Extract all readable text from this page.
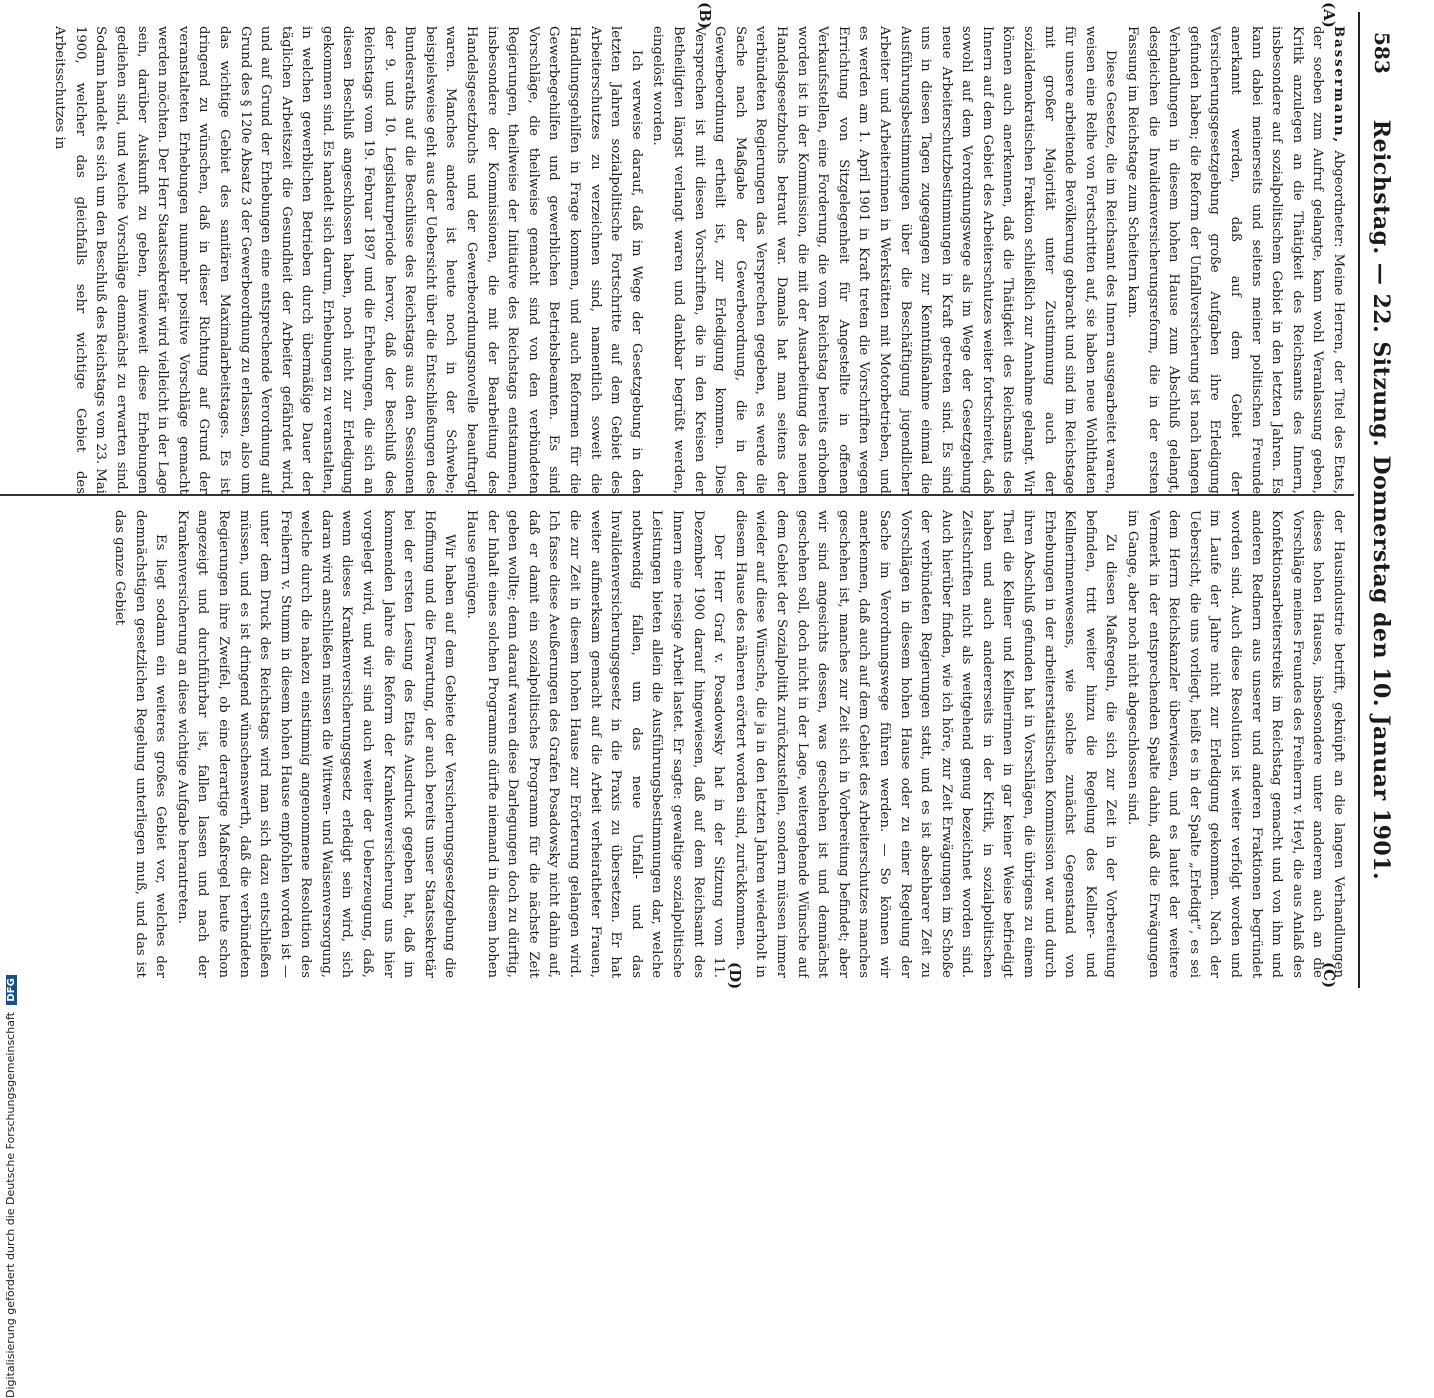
583
Reichstag. — 22. Sitzung. Donnerstag den 10. Januar 1901.
(A)
(B)
(C)
(D)

Bassermann, Abgeordneter: Meine Herren, der Titel des Etats, der soeben zum Aufruf gelangte, kann wohl Veranlassung geben, Kritik anzulegen an die Thätigkeit des Reichsamts des Innern, insbesondere auf sozialpolitischem Gebiet in den letzten Jahren. Es kann dabei meinerseits und seitens meiner politischen Freunde anerkannt werden, daß auf dem Gebiet der Versicherungsgesetzgebung große Aufgaben ihre Erledigung gefunden haben; die Reform der Unfallversicherung ist nach langen Verhandlungen in diesem hohen Hause zum Abschluß gelangt, desgleichen die Invalidenversicherungsreform, die in der ersten Fassung im Reichstage zum Scheitern kam.

Diese Gesetze, die im Reichsamt des Innern ausgearbeitet waren, weisen eine Reihe von Fortschritten auf, sie haben neue Wohlthaten für unsere arbeitende Bevölkerung gebracht und sind im Reichstage mit großer Majorität unter Zustimmung auch der sozialdemokratischen Fraktion schließlich zur Annahme gelangt. Wir können auch anerkennen, daß die Thätigkeit des Reichsamts des Innern auf dem Gebiet des Arbeiterschutzes weiter fortschreitet, daß sowohl auf dem Verordnungswege als im Wege der Gesetzgebung neue Arbeiterschutzbestimmungen in Kraft getreten sind. Es sind uns in diesen Tagen zugegangen zur Kenntnißnahme einmal die Ausführungsbestimmungen über die Beschäftigung jugendlicher Arbeiter und Arbeiterinnen in Werkstätten mit Motorbetrieben, und es werden am 1. April 1901 in Kraft treten die Vorschriften wegen Errichtung von Sitzgelegenheit für Angestellte in offenen Verkaufsstellen, eine Forderung, die vom Reichstag bereits erhoben worden ist in der Kommission, die mit der Ausarbeitung des neuen Handelsgesetzbuchs betraut war. Damals hat man seitens der verbündeten Regierungen das Versprechen gegeben, es werde die Sache nach Maßgabe der Gewerbeordnung, die in der Gewerbeordnung ertheilt ist, zur Erledigung kommen. Dies Versprechen ist mit diesen Vorschriften, die in den Kreisen der Betheiligten längst verlangt waren und dankbar begrüßt werden, eingelöst worden.

Ich verweise darauf, daß im Wege der Gesetzgebung in den letzten Jahren sozialpolitische Fortschritte auf dem Gebiet des Arbeiterschutzes zu verzeichnen sind, namentlich soweit die Handlungsgehilfen in Frage kommen, und auch Reformen für die Gewerbegehilfen und gewerblichen Betriebsbeamten. Es sind Vorschläge, die theilweise gemacht sind von den verbündeten Regierungen, theilweise der Initiative des Reichstags entstammen, insbesondere der Kommissionen, die mit der Bearbeitung des Handelsgesetzbuchs und der Gewerbeordnungsnovelle beauftragt waren. Manches andere ist heute noch in der Schwebe; beispielsweise geht aus der Uebersicht über die Entschließungen des Bundesraths auf die Beschlüsse des Reichstags aus den Sessionen der 9. und 10. Legislaturperiode hervor, daß der Beschluß des Reichstags vom 19. Februar 1897 und die Erhebungen, die sich an diesen Beschluß angeschlossen haben, noch nicht zur Erledigung gekommen sind. Es handelt sich darum, Erhebungen zu veranstalten, in welchen gewerblichen Betrieben durch übermäßige Dauer der täglichen Arbeitszeit die Gesundheit der Arbeiter gefährdet wird, und auf Grund der Erhebungen eine entsprechende Verordnung auf Grund des § 120e Absatz 3 der Gewerbeordnung zu erlassen, also um das wichtige Gebiet des sanitären Maximalarbeitstages. Es ist dringend zu wünschen, daß in dieser Richtung auf Grund der veranstalteten Erhebungen nunmehr positive Vorschläge gemacht werden möchten. Der Herr Staatssekretär wird vielleicht in der Lage sein, darüber Auskunft zu geben, inwieweit diese Erhebungen gediehen sind, und welche Vorschläge demnächst zu erwarten sind. Sodann handelt es sich um den Beschluß des Reichstags vom 23. Mai 1900, welcher das gleichfalls sehr wichtige Gebiet des Arbeitsschutzes in

der Hausindustrie betrifft, geknüpft an die langen Verhandlungen dieses hohen Hauses, insbesondere unter anderem auch an die Vorschläge meines Freundes des Freiherrn v. Heyl, die aus Anlaß des Konfektionsarbeiterstreiks im Reichstag gemacht und von ihm und anderen Rednern aus unserer und anderen Fraktionen begründet worden sind. Auch diese Resolution ist weiter verfolgt worden und im Laufe der Jahre nicht zur Erledigung gekommen. Nach der Uebersicht, die uns vorliegt, heißt es in der Spalte „Erledigt“, es sei dem Herrn Reichskanzler überwiesen, und es lautet der weitere Vermerk in der entsprechenden Spalte dahin, daß die Erwägungen im Gange, aber noch nicht abgeschlossen sind.

Zu diesen Maßregeln, die sich zur Zeit in der Vorbereitung befinden, tritt weiter hinzu die Regelung des Kellner- und Kellnerinnenwesens, wie solche zunächst Gegenstand von Erhebungen in der arbeiterstatistischen Kommission war und durch ihren Abschluß gefunden hat in Vorschlägen, die übrigens zu einem Theil die Kellner und Kellnerinnen in gar keiner Weise befriedigt haben und auch andererseits in der Kritik, in sozialpolitischen Zeitschriften nicht als weitgehend genug bezeichnet worden sind. Auch hierüber finden, wie ich höre, zur Zeit Erwägungen im Schoße der verbündeten Regierungen statt, und es ist absehbarer Zeit zu Vorschlägen in diesem hohen Hause oder zu einer Regelung der Sache im Verordnungswege führen werden. — So können wir anerkennen, daß auch auf dem Gebiet des Arbeiterschutzes manches geschehen ist, manches zur Zeit sich in Vorbereitung befindet; aber wir sind angesichts dessen, was geschehen ist und demnächst geschehen soll, doch nicht in der Lage, weitergehende Wünsche auf dem Gebiet der Sozialpolitik zurückzustellen, sondern müssen immer wieder auf diese Wünsche, die ja in den letzten Jahren wiederholt in diesem Hause des näheren erörtert worden sind, zurückkommen.

Der Herr Graf v. Posadowsky hat in der Sitzung vom 11. Dezember 1900 darauf hingewiesen, daß auf dem Reichsamt des Innern eine riesige Arbeit lastet. Er sagte: gewaltige sozialpolitische Leistungen bieten allein die Ausführungsbestimmungen dar, welche nothwendig fallen, um das neue Unfall- und das Invalidenversicherungsgesetz in die Praxis zu übersetzen. Er hat weiter aufmerksam gemacht auf die Arbeit verheiratheter Frauen, die zur Zeit in diesem hohen Hause zur Erörterung gelangen wird. Ich fasse diese Aeußerungen des Grafen Posadowsky nicht dahin auf, daß er damit ein sozialpolitisches Programm für die nächste Zeit geben wollte; denn darauf waren diese Darlegungen doch zu dürftig, der Inhalt eines solchen Programms dürfte niemand in diesem hohen Hause genügen.

Wir haben auf dem Gebiete der Versicherungsgesetzgebung die Hoffnung und die Erwartung, der auch bereits unser Staatssekretär bei der ersten Lesung des Etats Ausdruck gegeben hat, daß im kommenden Jahre die Reform der Krankenversicherung uns hier vorgelegt wird, und wir sind auch weiter der Ueberzeugung, daß, wenn dieses Krankenversicherungsgesetz erledigt sein wird, sich daran wird anschließen müssen die Wittwen- und Waisenversorgung, welche durch die nahezu einstimmig angenommene Resolution des Freiherrn v. Stumm in diesem hohen Hause empfohlen worden ist — unter dem Druck des Reichstags wird man sich dazu entschließen müssen, und es ist dringend wünschenswerth, daß die verbündeten Regierungen ihre Zweifel, ob eine derartige Maßregel heute schon angezeigt und durchführbar ist, fallen lassen und nach der Krankenversicherung an diese wichtige Aufgabe herantreten.

Es liegt sodann ein weiteres großes Gebiet vor, welches der demnächstigen gesetzlichen Regelung unterliegen muß, und das ist das ganze Gebiet

Digitalisierung gefördert durch die Deutsche Forschungsgemeinschaft DFG
